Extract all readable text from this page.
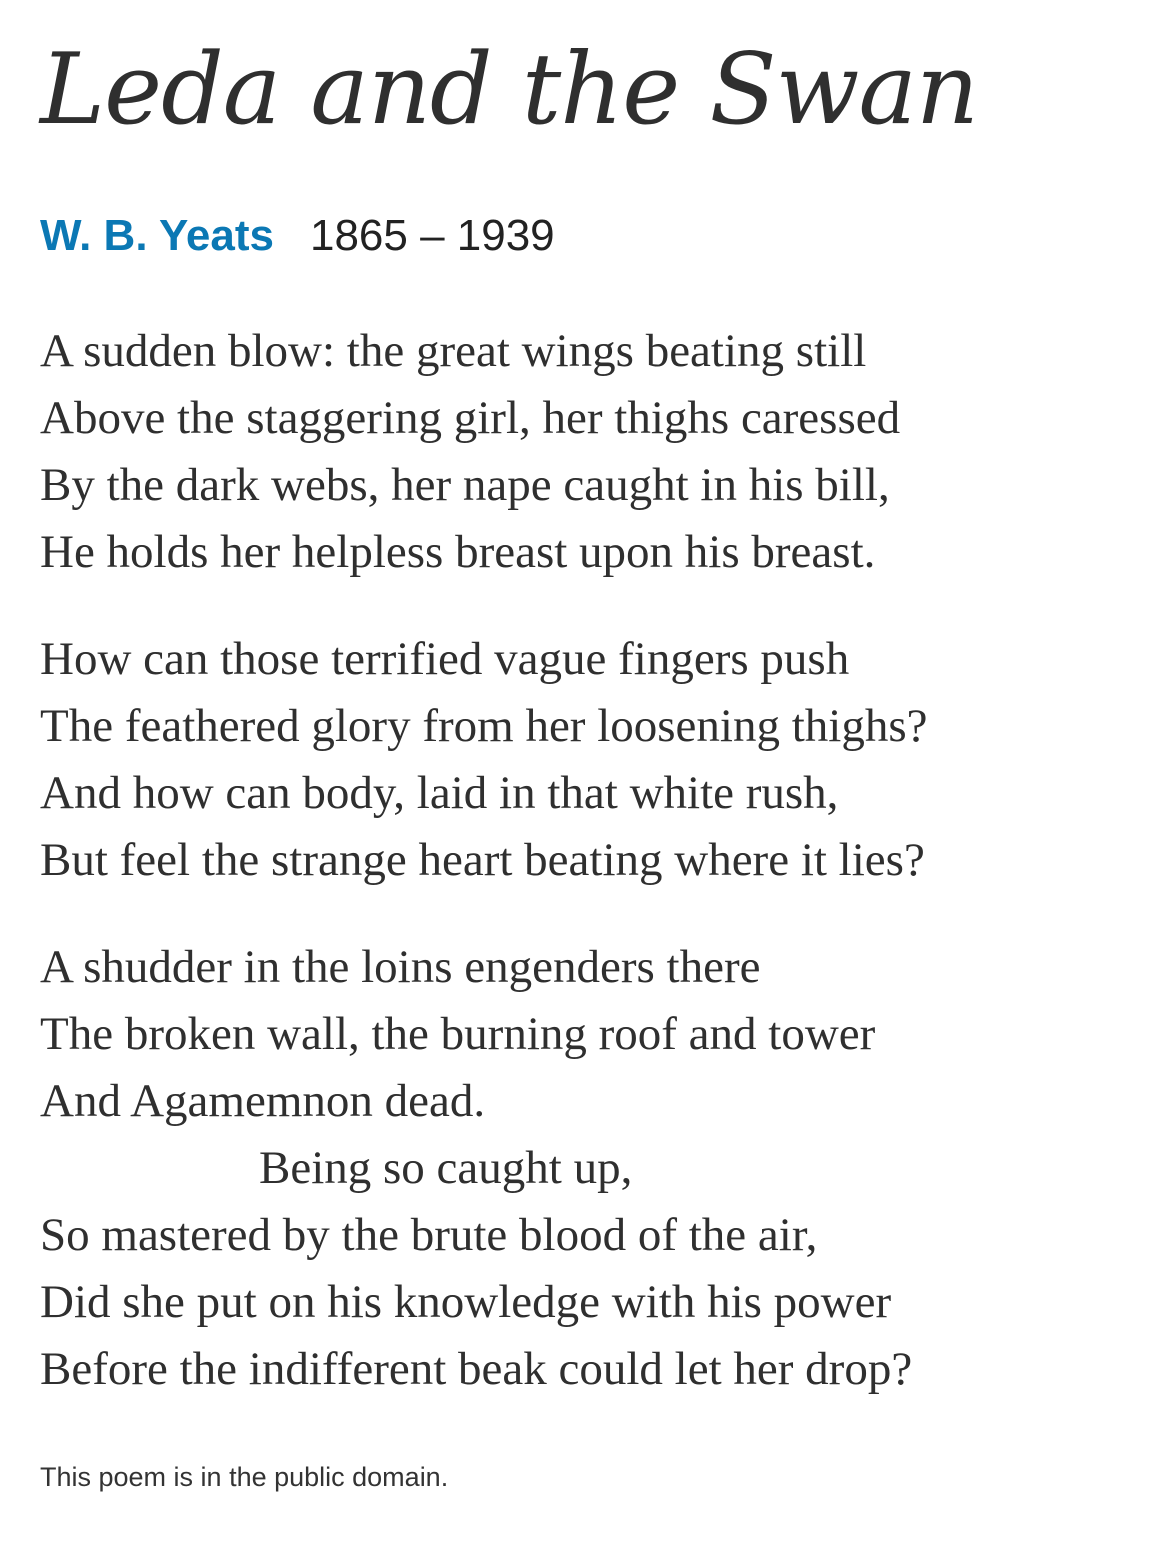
Leda and the Swan
W. B. Yeats 1865 – 1939
A sudden blow: the great wings beating still
Above the staggering girl, her thighs caressed
By the dark webs, her nape caught in his bill,
He holds her helpless breast upon his breast.
How can those terrified vague fingers push
The feathered glory from her loosening thighs?
And how can body, laid in that white rush,
But feel the strange heart beating where it lies?
A shudder in the loins engenders there
The broken wall, the burning roof and tower
And Agamemnon dead.
Being so caught up,
So mastered by the brute blood of the air,
Did she put on his knowledge with his power
Before the indifferent beak could let her drop?
This poem is in the public domain.
